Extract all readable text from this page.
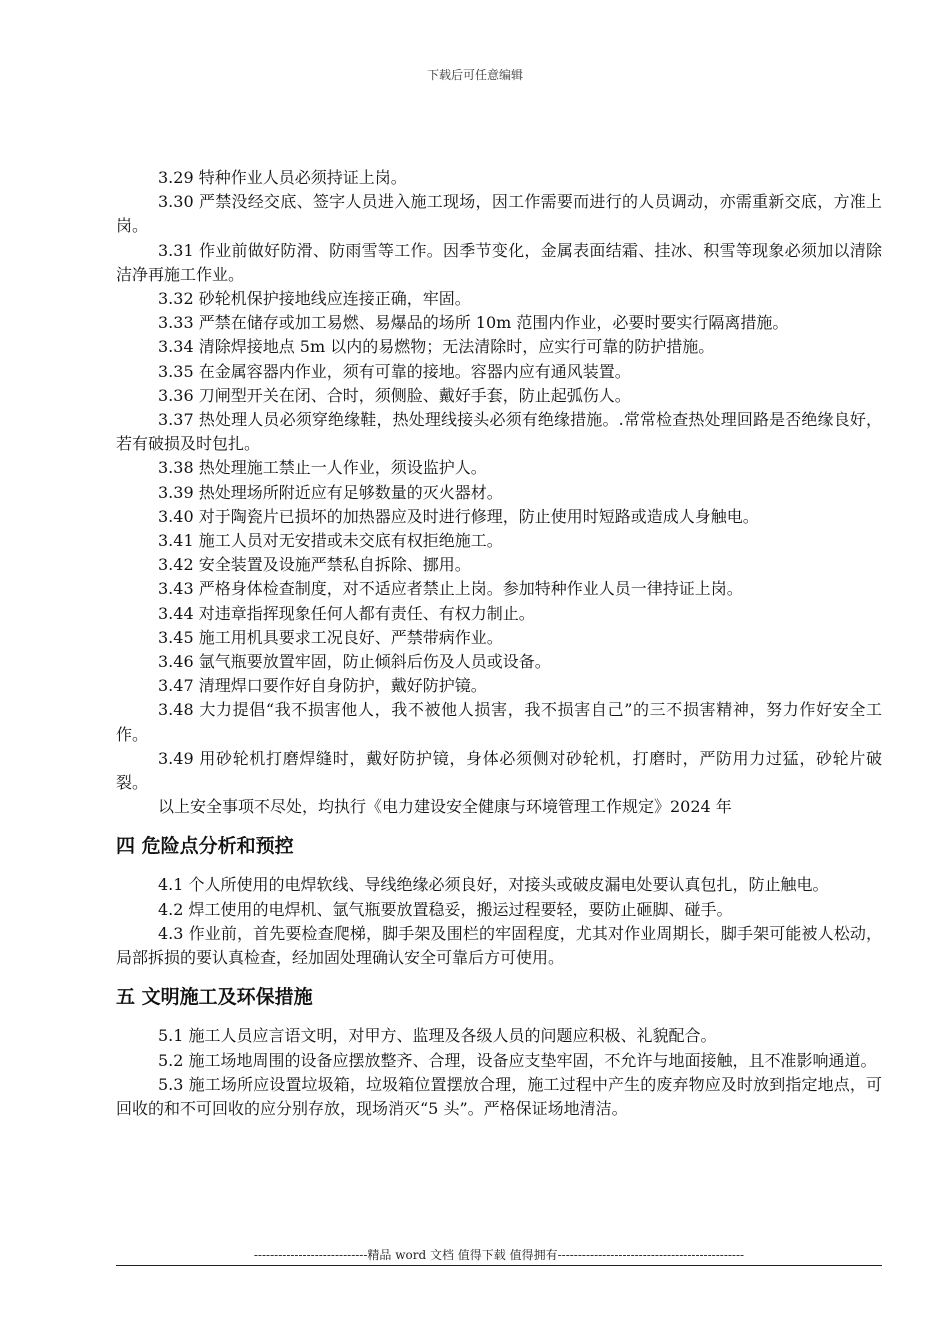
下载后可任意编辑

3.29 特种作业人员必须持证上岗。

3.30 严禁没经交底、签字人员进入施工现场，因工作需要而进行的人员调动，亦需重新交底，方准上岗。

3.31 作业前做好防滑、防雨雪等工作。因季节变化，金属表面结霜、挂冰、积雪等现象必须加以清除洁净再施工作业。

3.32 砂轮机保护接地线应连接正确，牢固。

3.33 严禁在储存或加工易燃、易爆品的场所 10m 范围内作业，必要时要实行隔离措施。

3.34 清除焊接地点 5m 以内的易燃物；无法清除时，应实行可靠的防护措施。

3.35 在金属容器内作业，须有可靠的接地。容器内应有通风装置。

3.36 刀闸型开关在闭、合时，须侧脸、戴好手套，防止起弧伤人。

3.37 热处理人员必须穿绝缘鞋，热处理线接头必须有绝缘措施。.常常检查热处理回路是否绝缘良好，若有破损及时包扎。

3.38 热处理施工禁止一人作业，须设监护人。

3.39 热处理场所附近应有足够数量的灭火器材。

3.40 对于陶瓷片已损坏的加热器应及时进行修理，防止使用时短路或造成人身触电。

3.41 施工人员对无安措或未交底有权拒绝施工。

3.42 安全装置及设施严禁私自拆除、挪用。

3.43 严格身体检查制度，对不适应者禁止上岗。参加特种作业人员一律持证上岗。

3.44 对违章指挥现象任何人都有责任、有权力制止。

3.45 施工用机具要求工况良好、严禁带病作业。

3.46 氩气瓶要放置牢固，防止倾斜后伤及人员或设备。

3.47 清理焊口要作好自身防护，戴好防护镜。

3.48 大力提倡“我不损害他人，我不被他人损害，我不损害自己”的三不损害精神，努力作好安全工作。

3.49 用砂轮机打磨焊缝时，戴好防护镜，身体必须侧对砂轮机，打磨时，严防用力过猛，砂轮片破裂。

以上安全事项不尽处，均执行《电力建设安全健康与环境管理工作规定》2024 年

四 危险点分析和预控

4.1 个人所使用的电焊软线、导线绝缘必须良好，对接头或破皮漏电处要认真包扎，防止触电。

4.2 焊工使用的电焊机、氩气瓶要放置稳妥，搬运过程要轻，要防止砸脚、碰手。

4.3 作业前，首先要检查爬梯，脚手架及围栏的牢固程度，尤其对作业周期长，脚手架可能被人松动，局部拆损的要认真检查，经加固处理确认安全可靠后方可使用。

五 文明施工及环保措施

5.1 施工人员应言语文明，对甲方、监理及各级人员的问题应积极、礼貌配合。

5.2 施工场地周围的设备应摆放整齐、合理，设备应支垫牢固，不允许与地面接触，且不准影响通道。

5.3 施工场所应设置垃圾箱，垃圾箱位置摆放合理，施工过程中产生的废弃物应及时放到指定地点，可回收的和不可回收的应分别存放，现场消灭“5 头”。严格保证场地清洁。

----------------------------精品 word 文档 值得下载 值得拥有----------------------------------------------
